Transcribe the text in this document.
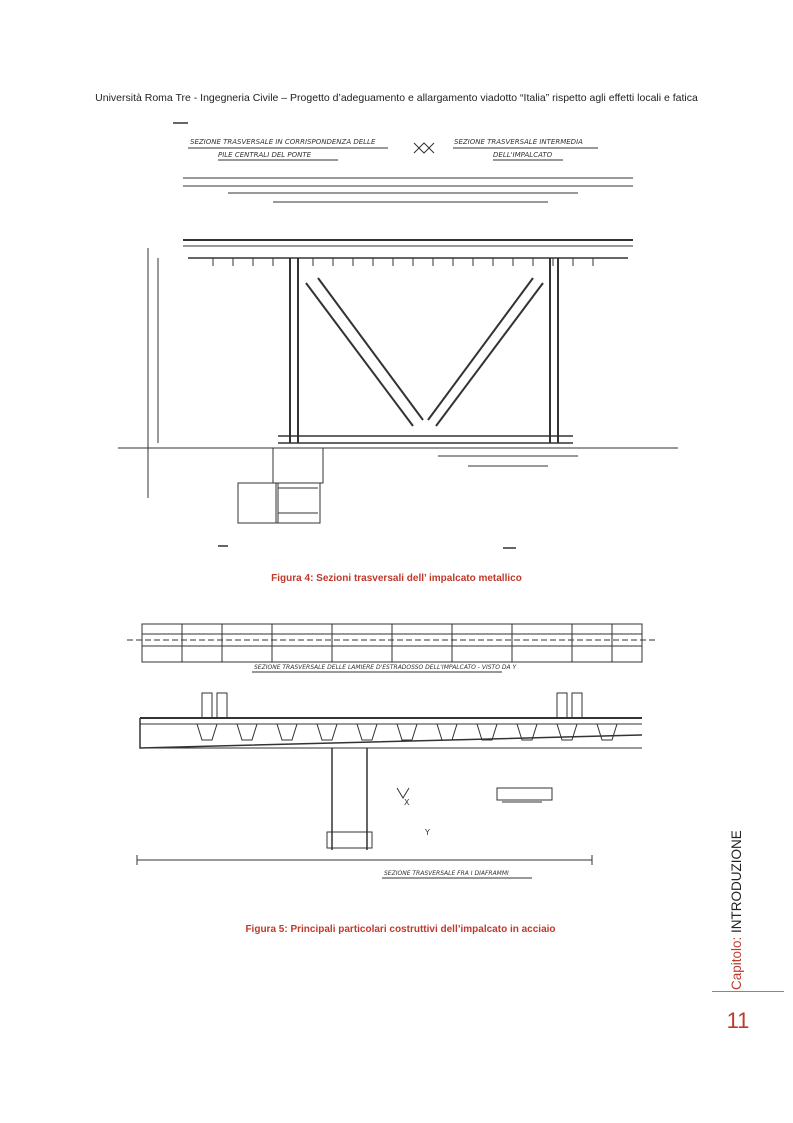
Università Roma Tre - Ingegneria Civile – Progetto d’adeguamento e allargamento viadotto “Italia” rispetto agli effetti locali e fatica
SEZIONE TRASVERSALE IN CORRISPONDENZA DELLE
PILE CENTRALI DEL PONTE
SEZIONE TRASVERSALE INTERMEDIA
DELL'IMPALCATO
Figura 4: Sezioni trasversali dell’ impalcato metallico
SEZIONE TRASVERSALE DELLE LAMIERE D'ESTRADOSSO DELL'IMPALCATO - VISTO DA Y
SEZIONE TRASVERSALE FRA I DIAFRAMMI
X
Y
Figura 5: Principali particolari costruttivi dell’impalcato in acciaio
Capitolo: INTRODUZIONE
11
